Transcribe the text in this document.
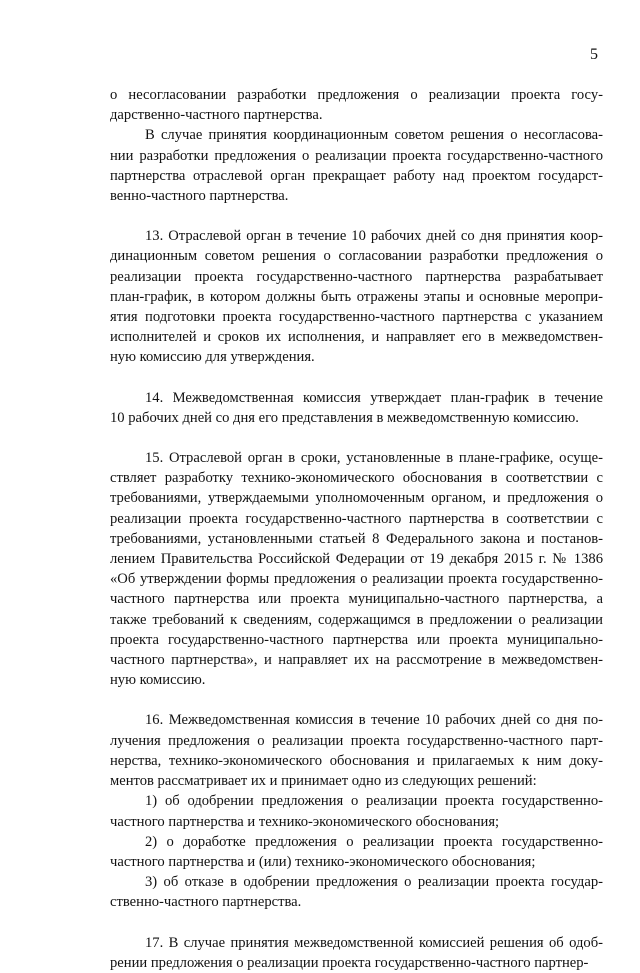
5
о несогласовании разработки предложения о реализации проекта госу-
дарственно-частного партнерства.
В случае принятия координационным советом решения о несогласова-
нии разработки предложения о реализации проекта государственно-частного
партнерства отраслевой орган прекращает работу над проектом государст-
венно-частного партнерства.
13. Отраслевой орган в течение 10 рабочих дней со дня принятия коор-
динационным советом решения о согласовании разработки предложения о
реализации проекта государственно-частного партнерства разрабатывает
план-график, в котором должны быть отражены этапы и основные меропри-
ятия подготовки проекта государственно-частного партнерства с указанием
исполнителей и сроков их исполнения, и направляет его в межведомствен-
ную комиссию для утверждения.
14. Межведомственная комиссия утверждает план-график в течение
10 рабочих дней со дня его представления в межведомственную комиссию.
15. Отраслевой орган в сроки, установленные в плане-графике, осуще-
ствляет разработку технико-экономического обоснования в соответствии с
требованиями, утверждаемыми уполномоченным органом, и предложения о
реализации проекта государственно-частного партнерства в соответствии с
требованиями, установленными статьей 8 Федерального закона и постанов-
лением Правительства Российской Федерации от 19 декабря 2015 г. № 1386
«Об утверждении формы предложения о реализации проекта государственно-
частного партнерства или проекта муниципально-частного партнерства, а
также требований к сведениям, содержащимся в предложении о реализации
проекта государственно-частного партнерства или проекта муниципально-
частного партнерства», и направляет их на рассмотрение в межведомствен-
ную комиссию.
16. Межведомственная комиссия в течение 10 рабочих дней со дня по-
лучения предложения о реализации проекта государственно-частного парт-
нерства, технико-экономического обоснования и прилагаемых к ним доку-
ментов рассматривает их и принимает одно из следующих решений:
1) об одобрении предложения о реализации проекта государственно-
частного партнерства и технико-экономического обоснования;
2) о доработке предложения о реализации проекта государственно-
частного партнерства и (или) технико-экономического обоснования;
3) об отказе в одобрении предложения о реализации проекта государ-
ственно-частного партнерства.
17. В случае принятия межведомственной комиссией решения об одоб-
рении предложения о реализации проекта государственно-частного партнер-
